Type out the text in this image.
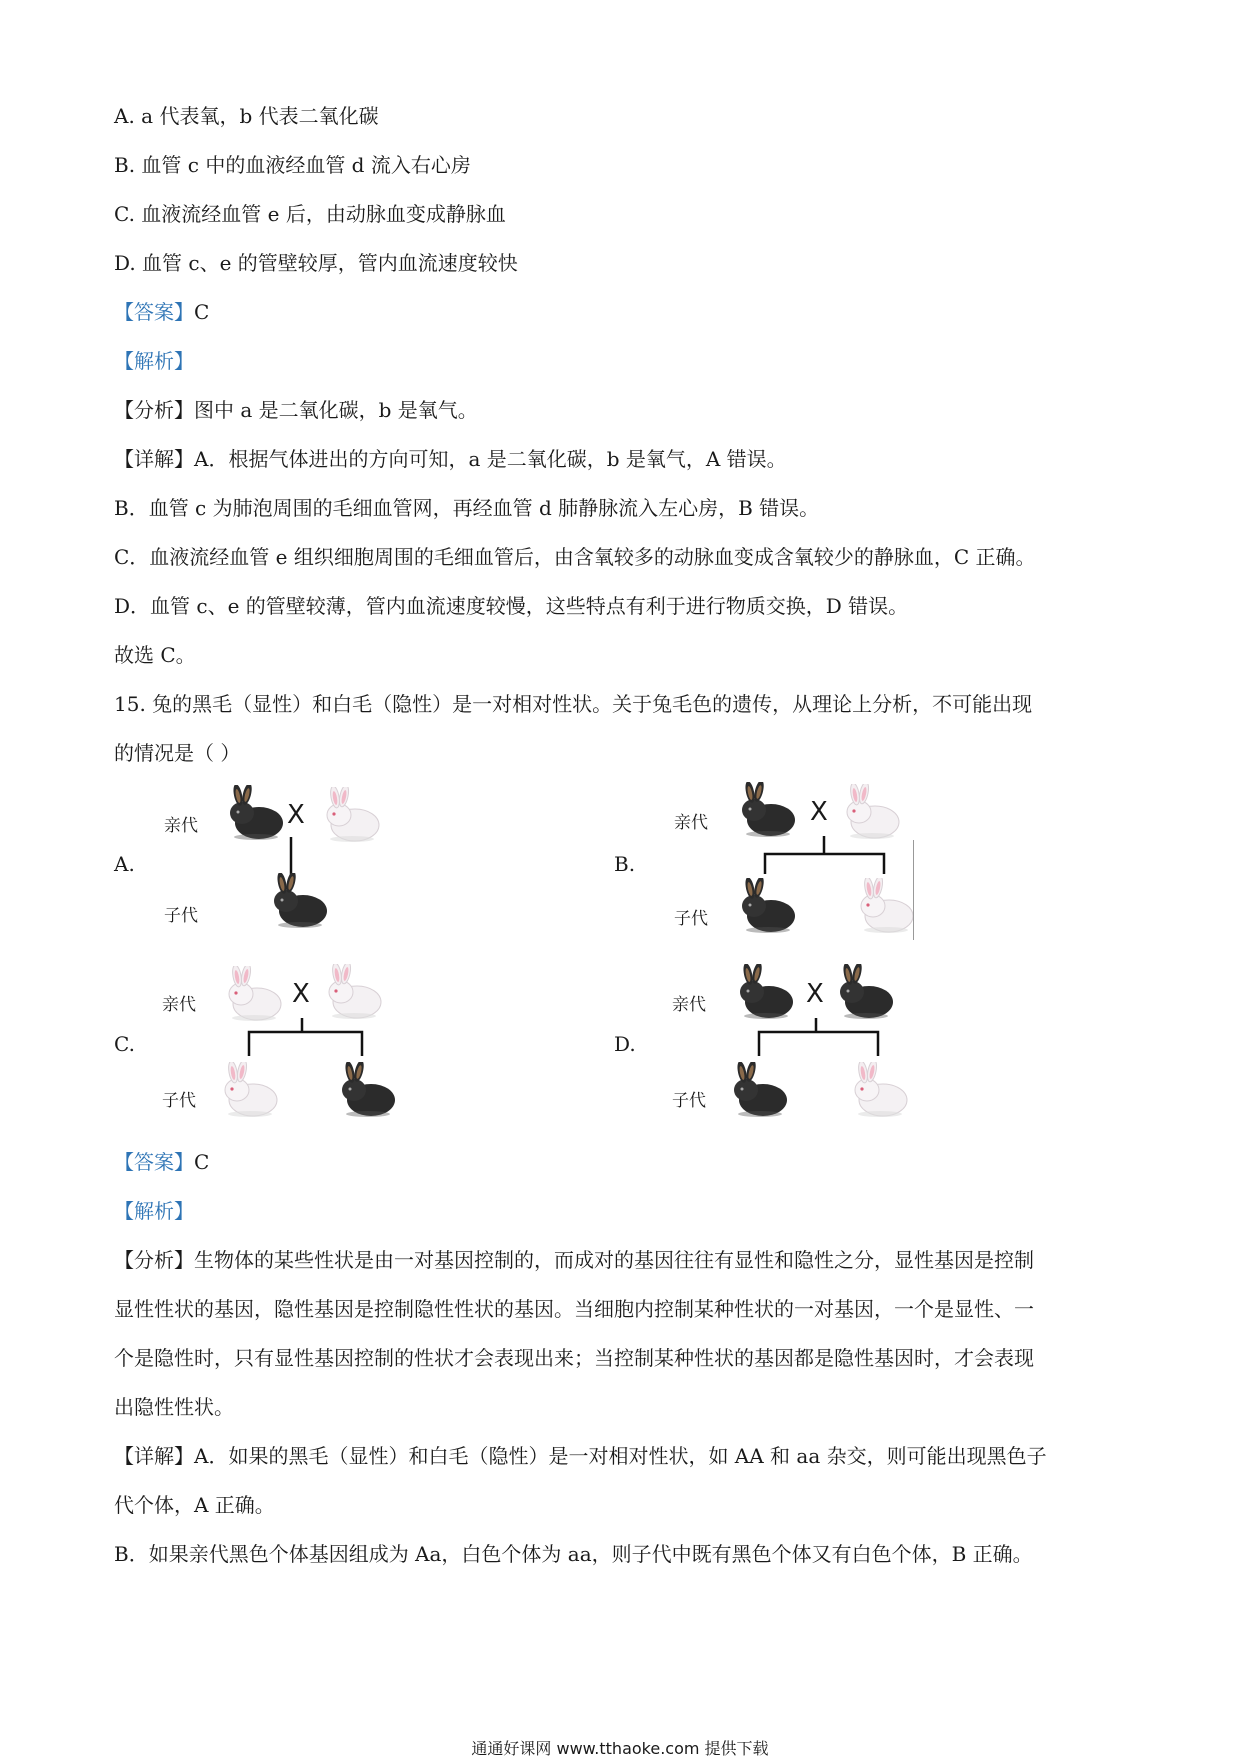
A. a 代表氧，b 代表二氧化碳
B. 血管 c 中的血液经血管 d 流入右心房
C. 血液流经血管 e 后，由动脉血变成静脉血
D. 血管 c、e 的管壁较厚，管内血流速度较快
【答案】C
【解析】
【分析】图中 a 是二氧化碳，b 是氧气。
【详解】A．根据气体进出的方向可知，a 是二氧化碳，b 是氧气，A 错误。
B．血管 c 为肺泡周围的毛细血管网，再经血管 d 肺静脉流入左心房，B 错误。
C．血液流经血管 e 组织细胞周围的毛细血管后，由含氧较多的动脉血变成含氧较少的静脉血，C 正确。
D．血管 c、e 的管壁较薄，管内血流速度较慢，这些特点有利于进行物质交换，D 错误。
故选 C。
15. 兔的黑毛（显性）和白毛（隐性）是一对相对性状。关于兔毛色的遗传，从理论上分析，不可能出现
的情况是（ ）
A.
亲代
子代
X
B.
亲代
子代
X
C.
亲代
子代
X
D.
亲代
子代
X
【答案】C
【解析】
【分析】生物体的某些性状是由一对基因控制的，而成对的基因往往有显性和隐性之分，显性基因是控制
显性性状的基因，隐性基因是控制隐性性状的基因。当细胞内控制某种性状的一对基因，一个是显性、一
个是隐性时，只有显性基因控制的性状才会表现出来；当控制某种性状的基因都是隐性基因时，才会表现
出隐性性状。
【详解】A．如果的黑毛（显性）和白毛（隐性）是一对相对性状，如 AA 和 aa 杂交，则可能出现黑色子
代个体，A 正确。
B．如果亲代黑色个体基因组成为 Aa，白色个体为 aa，则子代中既有黑色个体又有白色个体，B 正确。
通通好课网 www.tthaoke.com 提供下载
